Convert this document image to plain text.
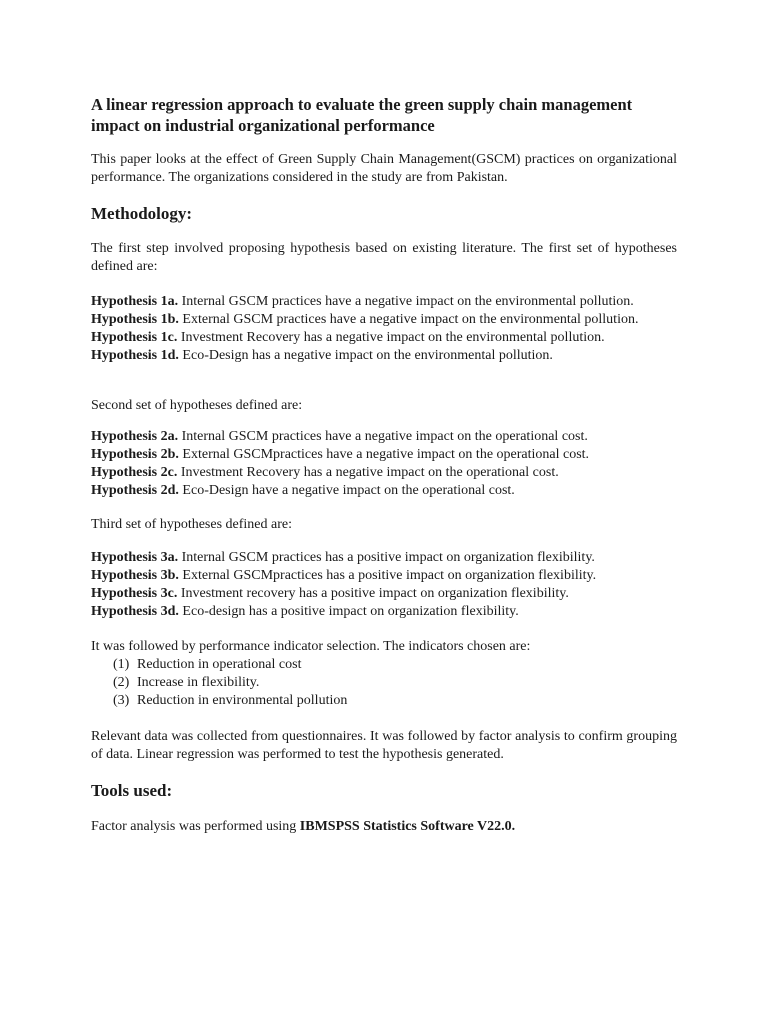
A linear regression approach to evaluate the green supply chain management impact on industrial organizational performance

This paper looks at the effect of Green Supply Chain Management(GSCM) practices on organizational performance. The organizations considered in the study are from Pakistan.

Methodology:

The first step involved proposing hypothesis based on existing literature. The first set of hypotheses defined are:

Hypothesis 1a. Internal GSCM practices have a negative impact on the environmental pollution.

Hypothesis 1b. External GSCM practices have a negative impact on the environmental pollution.

Hypothesis 1c. Investment Recovery has a negative impact on the environmental pollution.

Hypothesis 1d. Eco-Design has a negative impact on the environmental pollution.

Second set of hypotheses defined are:

Hypothesis 2a. Internal GSCM practices have a negative impact on the operational cost.

Hypothesis 2b. External GSCMpractices have a negative impact on the operational cost.

Hypothesis 2c. Investment Recovery has a negative impact on the operational cost.

Hypothesis 2d. Eco-Design have a negative impact on the operational cost.

Third set of hypotheses defined are:

Hypothesis 3a. Internal GSCM practices has a positive impact on organization flexibility.

Hypothesis 3b. External GSCMpractices has a positive impact on organization flexibility.

Hypothesis 3c. Investment recovery has a positive impact on organization flexibility.

Hypothesis 3d. Eco-design has a positive impact on organization flexibility.

It was followed by performance indicator selection. The indicators chosen are:

(1) Reduction in operational cost
(2) Increase in flexibility.
(3) Reduction in environmental pollution

Relevant data was collected from questionnaires. It was followed by factor analysis to confirm grouping of data. Linear regression was performed to test the hypothesis generated.

Tools used:

Factor analysis was performed using IBMSPSS Statistics Software V22.0.
